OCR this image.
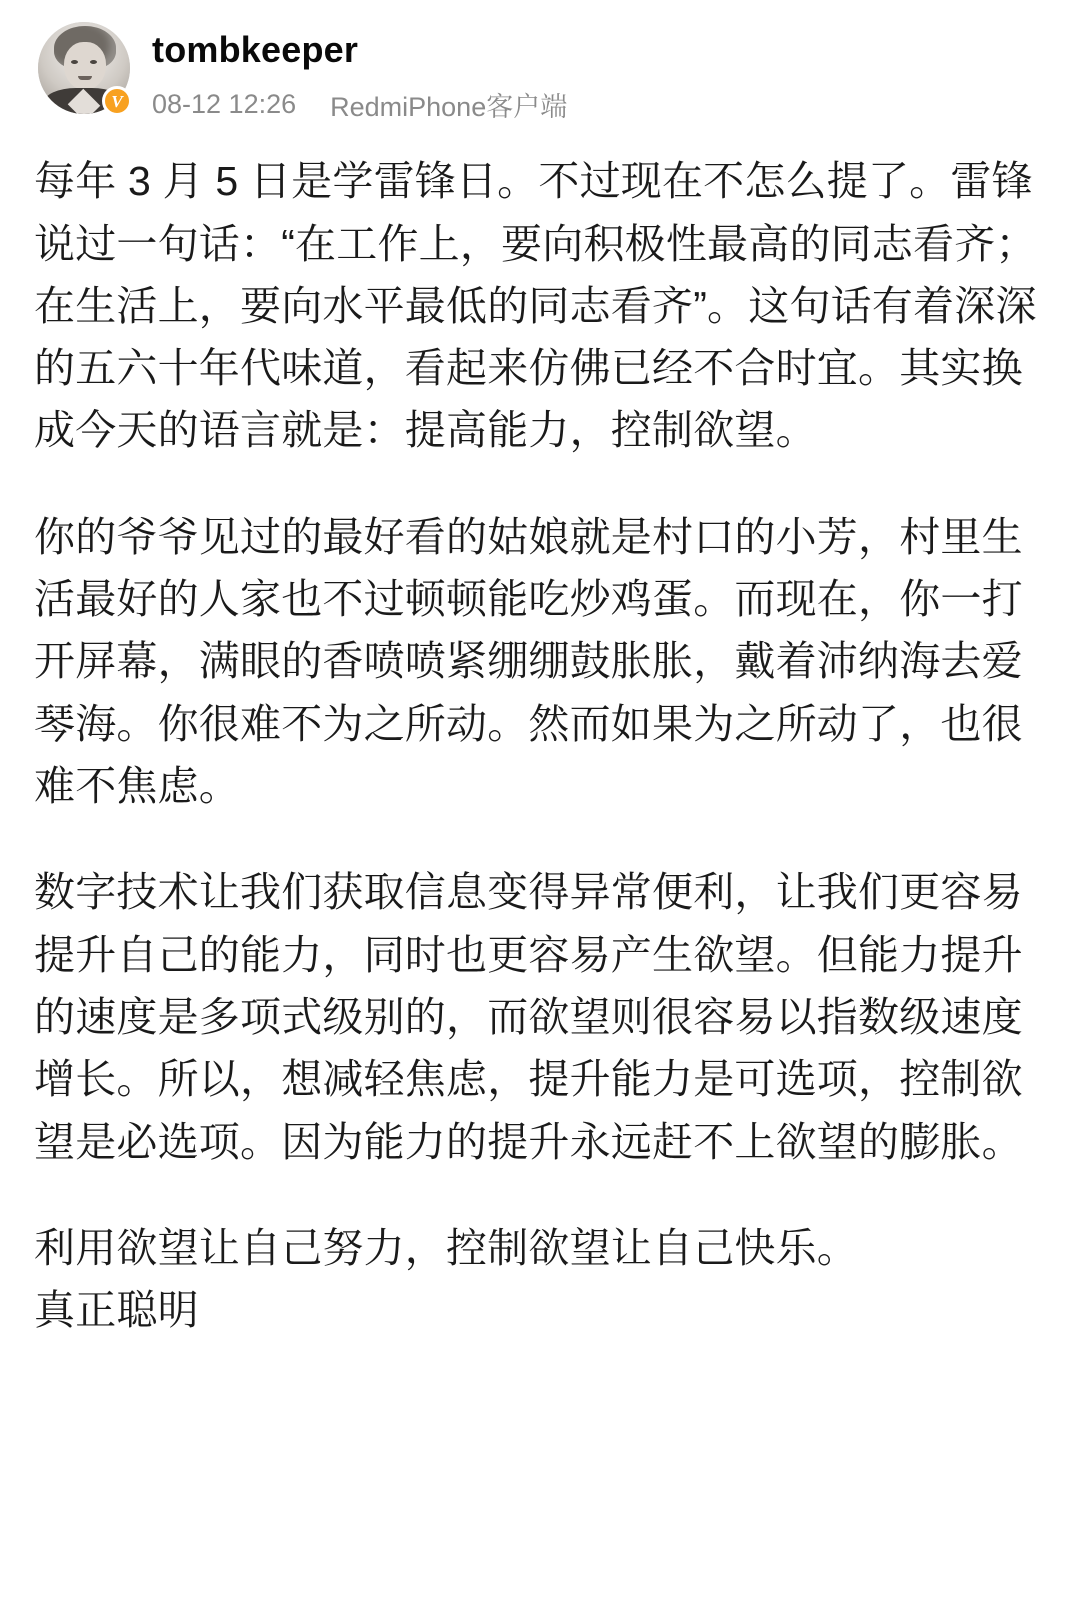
V
tombkeeper
08-12 12:26 RedmiPhone客户端

每年 3 月 5 日是学雷锋日。不过现在不怎么提了。雷锋说过一句话：“在工作上，要向积极性最高的同志看齐；在生活上，要向水平最低的同志看齐”。这句话有着深深的五六十年代味道，看起来仿佛已经不合时宜。其实换成今天的语言就是：提高能力，控制欲望。

你的爷爷见过的最好看的姑娘就是村口的小芳，村里生活最好的人家也不过顿顿能吃炒鸡蛋。而现在，你一打开屏幕，满眼的香喷喷紧绷绷鼓胀胀，戴着沛纳海去爱琴海。你很难不为之所动。然而如果为之所动了，也很难不焦虑。

数字技术让我们获取信息变得异常便利，让我们更容易提升自己的能力，同时也更容易产生欲望。但能力提升的速度是多项式级别的，而欲望则很容易以指数级速度增长。所以，想减轻焦虑，提升能力是可选项，控制欲望是必选项。因为能力的提升永远赶不上欲望的膨胀。

利用欲望让自己努力，控制欲望让自己快乐。

真正聪明
